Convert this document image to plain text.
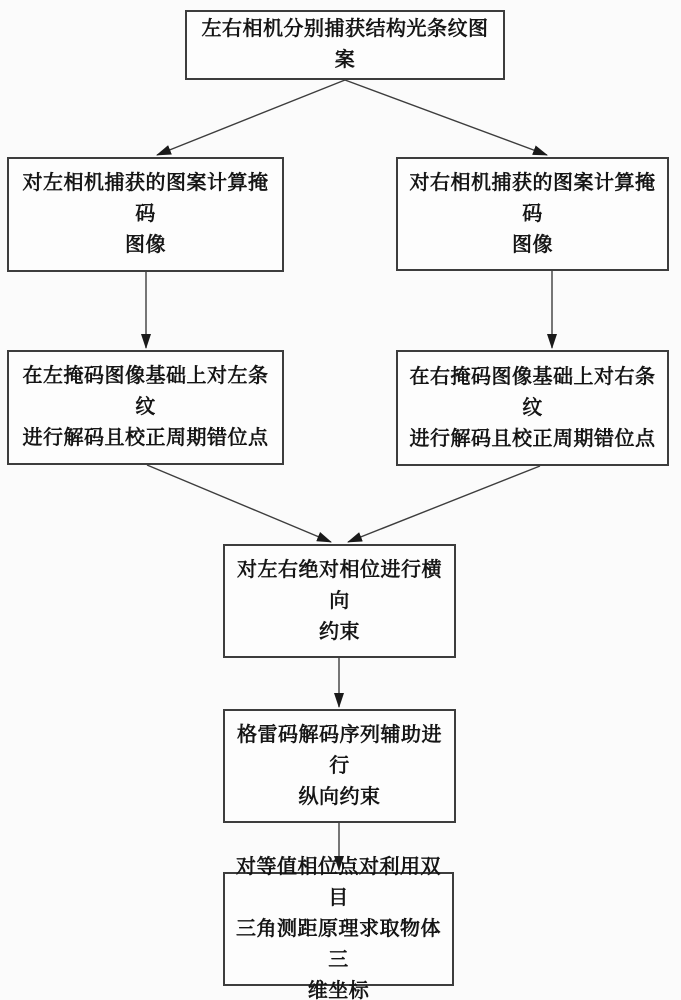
左右相机分别捕获结构光条纹图案
对左相机捕获的图案计算掩码
图像
对右相机捕获的图案计算掩码
图像
在左掩码图像基础上对左条纹
进行解码且校正周期错位点
在右掩码图像基础上对右条纹
进行解码且校正周期错位点
对左右绝对相位进行横向
约束
格雷码解码序列辅助进行
纵向约束
对等值相位点对利用双目
三角测距原理求取物体三
维坐标
